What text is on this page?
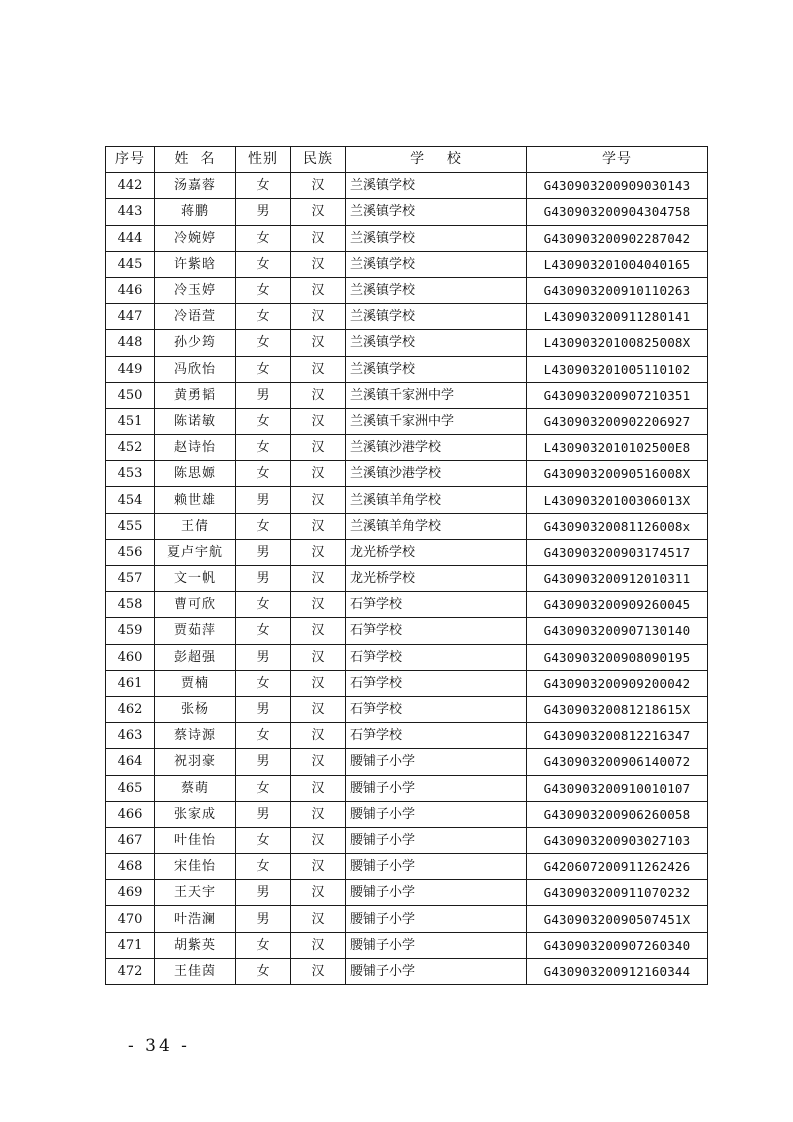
序号	姓  名	性别	民族	学    校	学号
442	汤嘉蓉	女	汉	兰溪镇学校	G430903200909030143
443	蒋鹏	男	汉	兰溪镇学校	G430903200904304758
444	冷婉婷	女	汉	兰溪镇学校	G430903200902287042
445	许紫晗	女	汉	兰溪镇学校	L430903201004040165
446	冷玉婷	女	汉	兰溪镇学校	G430903200910110263
447	冷语萱	女	汉	兰溪镇学校	L430903200911280141
448	孙少筠	女	汉	兰溪镇学校	L43090320100825008X
449	冯欣怡	女	汉	兰溪镇学校	L430903201005110102
450	黄勇韬	男	汉	兰溪镇千家洲中学	G430903200907210351
451	陈诺敏	女	汉	兰溪镇千家洲中学	G430903200902206927
452	赵诗怡	女	汉	兰溪镇沙港学校	L4309032010102500E8
453	陈思嫄	女	汉	兰溪镇沙港学校	G43090320090516008X
454	赖世雄	男	汉	兰溪镇羊角学校	L43090320100306013X
455	王倩	女	汉	兰溪镇羊角学校	G43090320081126008x
456	夏卢宇航	男	汉	龙光桥学校	G430903200903174517
457	文一帆	男	汉	龙光桥学校	G430903200912010311
458	曹可欣	女	汉	石笋学校	G430903200909260045
459	贾茹萍	女	汉	石笋学校	G430903200907130140
460	彭超强	男	汉	石笋学校	G430903200908090195
461	贾楠	女	汉	石笋学校	G430903200909200042
462	张杨	男	汉	石笋学校	G43090320081218615X
463	蔡诗源	女	汉	石笋学校	G430903200812216347
464	祝羽豪	男	汉	腰铺子小学	G430903200906140072
465	蔡萌	女	汉	腰铺子小学	G430903200910010107
466	张家成	男	汉	腰铺子小学	G430903200906260058
467	叶佳怡	女	汉	腰铺子小学	G430903200903027103
468	宋佳怡	女	汉	腰铺子小学	G420607200911262426
469	王天宇	男	汉	腰铺子小学	G430903200911070232
470	叶浩澜	男	汉	腰铺子小学	G43090320090507451X
471	胡紫英	女	汉	腰铺子小学	G430903200907260340
472	王佳茵	女	汉	腰铺子小学	G430903200912160344
- 34 -
